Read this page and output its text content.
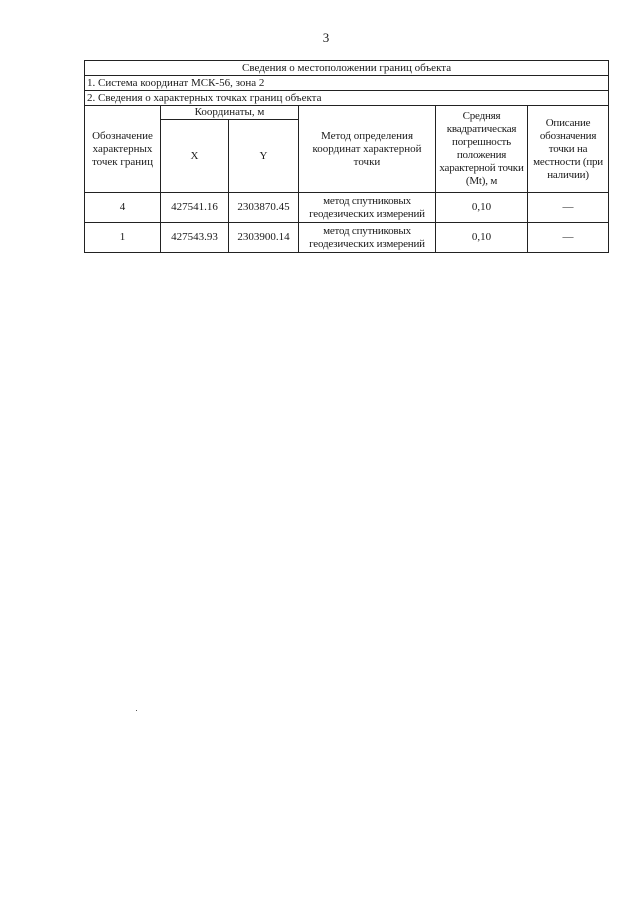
3
Сведения о местоположении границ объекта					
1. Система координат МСК-56, зона 2					
2. Сведения о характерных точках границ объекта					
Обозначение характерных точек границ	Координаты, м		Метод определения координат характерной точки	Средняя квадратическая погрешность положения характерной точки (Mt), м	Описание обозначения точки на местности (при наличии)
	X	Y			
4	427541.16	2303870.45	метод спутниковых геодезических измерений	0,10	—
1	427543.93	2303900.14	метод спутниковых геодезических измерений	0,10	—
